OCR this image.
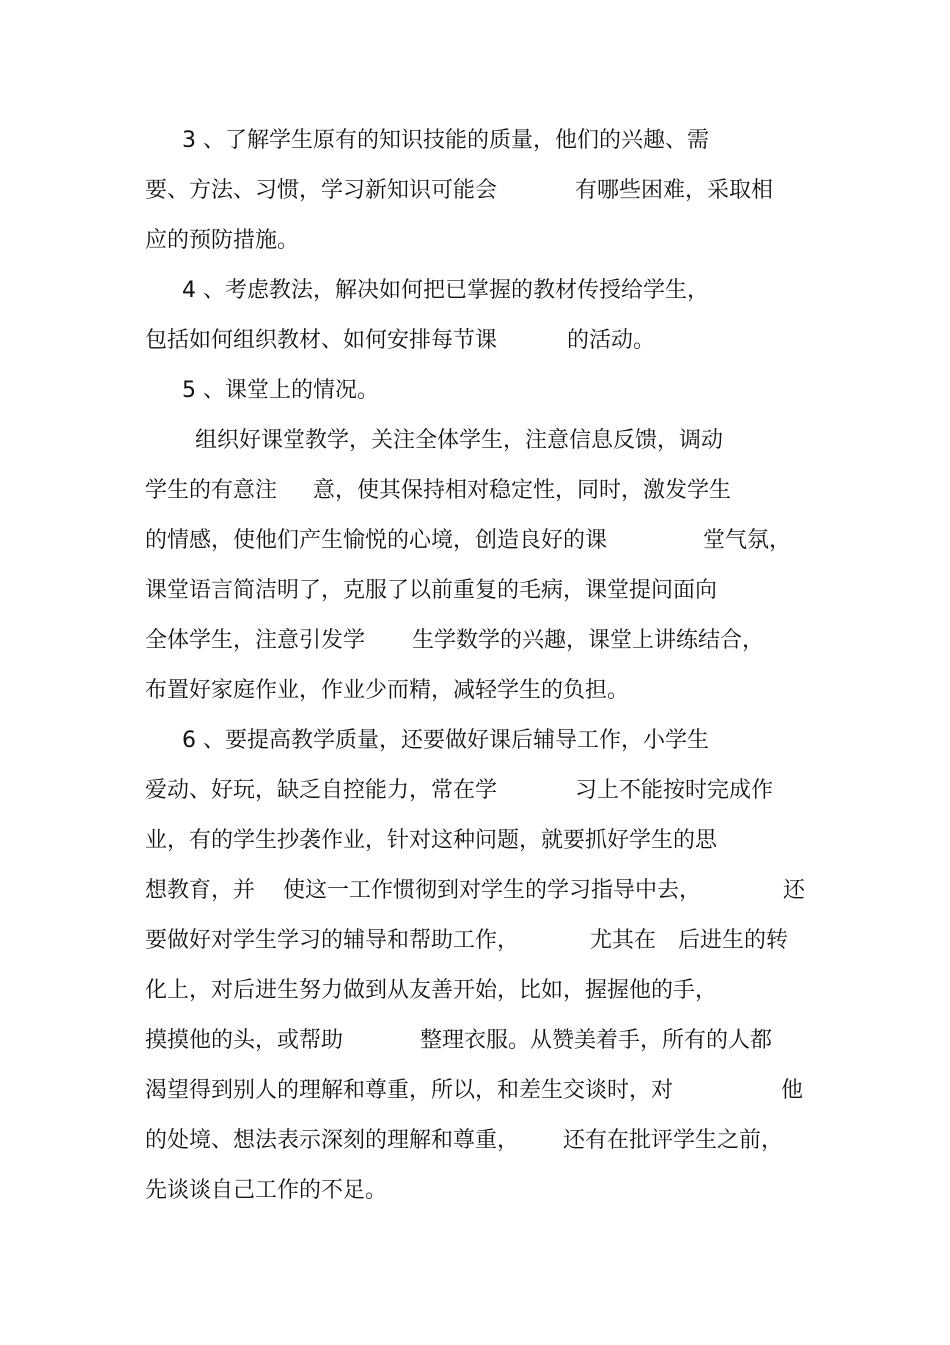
3 、了解学生原有的知识技能的质量，他们的兴趣、需
要、方法、习惯，学习新知识可能会	有哪些困难，采取相
应的预防措施。
4 、考虑教法，解决如何把已掌握的教材传授给学生，
包括如何组织教材、如何安排每节课	的活动。
5 、课堂上的情况。
组织好课堂教学，关注全体学生，注意信息反馈，调动
学生的有意注 意，使其保持相对稳定性，同时，激发学生
的情感，使他们产生愉悦的心境，创造良好的课	堂气氛，
课堂语言简洁明了，克服了以前重复的毛病，课堂提问面向
全体学生，注意引发学 生学数学的兴趣，课堂上讲练结合，
布置好家庭作业，作业少而精，减轻学生的负担。
6 、要提高教学质量，还要做好课后辅导工作，小学生
爱动、好玩，缺乏自控能力，常在学	习上不能按时完成作
业，有的学生抄袭作业，针对这种问题，就要抓好学生的思
想教育，并 使这一工作惯彻到对学生的学习指导中去，	还
要做好对学生学习的辅导和帮助工作，	尤其在 后进生的转
化上，对后进生努力做到从友善开始，比如，握握他的手，
摸摸他的头，或帮助	整理衣服。从赞美着手，所有的人都
渴望得到别人的理解和尊重，所以，和差生交谈时，对	他
的处境、想法表示深刻的理解和尊重， 还有在批评学生之前，
先谈谈自己工作的不足。
